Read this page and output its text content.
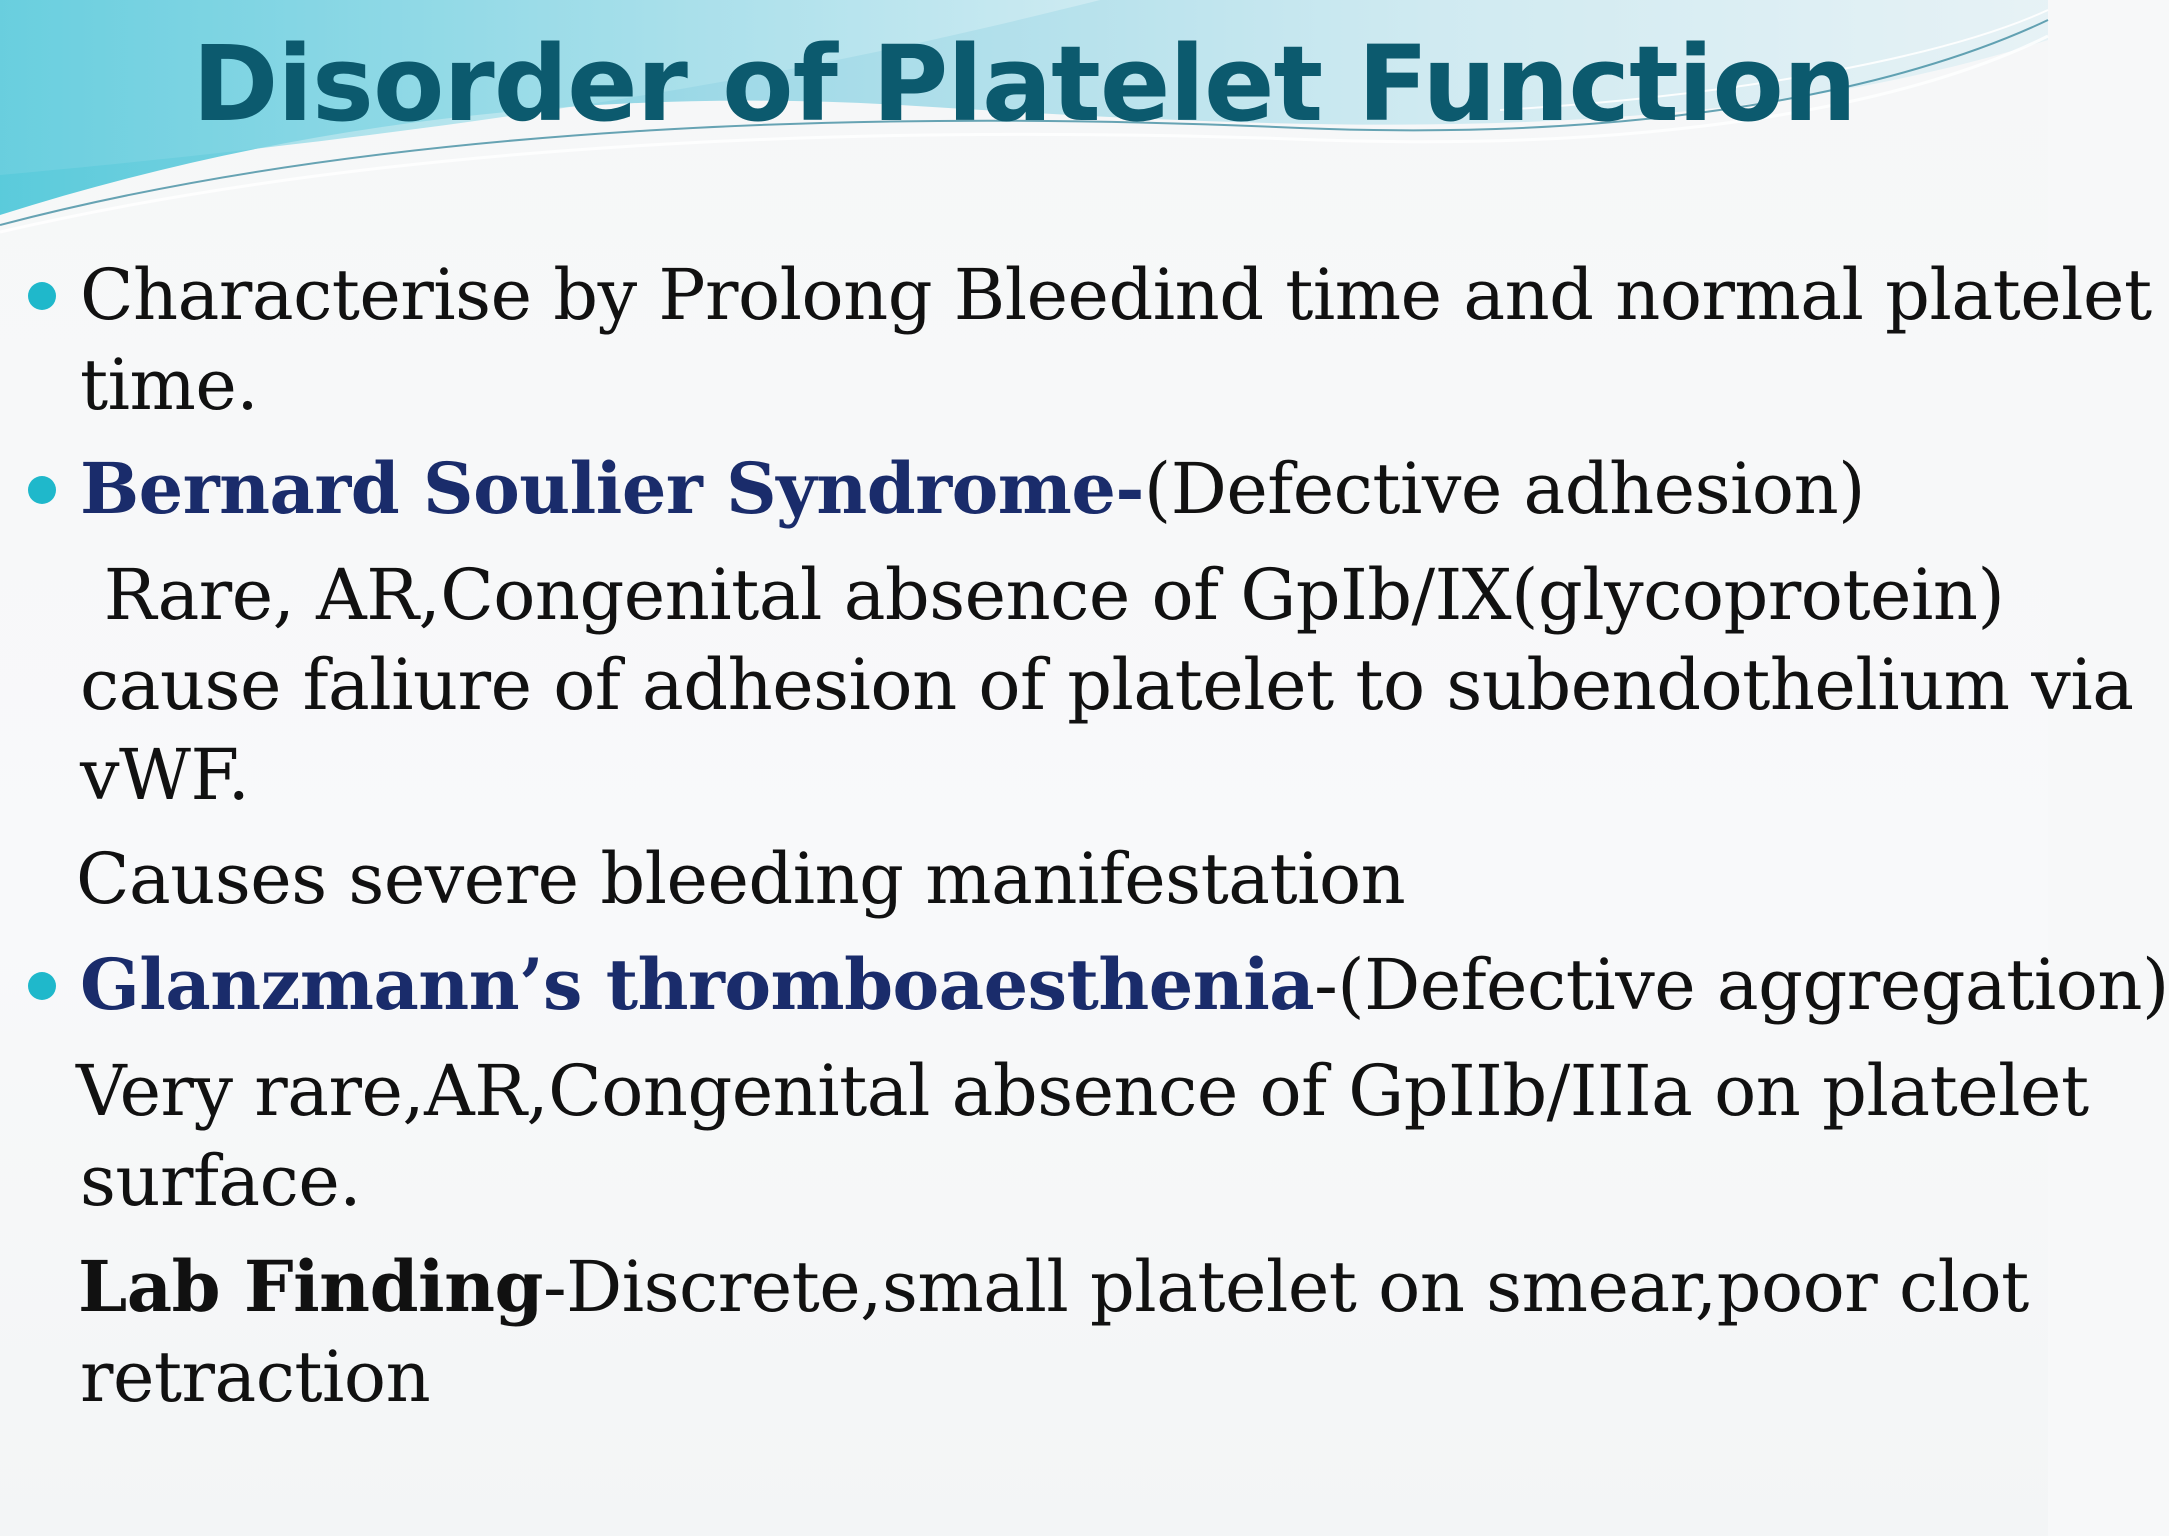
Disorder of Platelet Function
Characterise by Prolong Bleedind time and normal platelet
time.
Bernard Soulier Syndrome-(Defective adhesion)
Rare, AR,Congenital absence of GpIb/IX(glycoprotein)
cause faliure of adhesion of platelet to subendothelium via
vWF.
Causes severe bleeding manifestation
Glanzmann’s thromboaesthenia-(Defective aggregation)
Very rare,AR,Congenital absence of GpIIb/IIIa on platelet
surface.
Lab Finding-Discrete,small platelet on smear,poor clot
retraction
